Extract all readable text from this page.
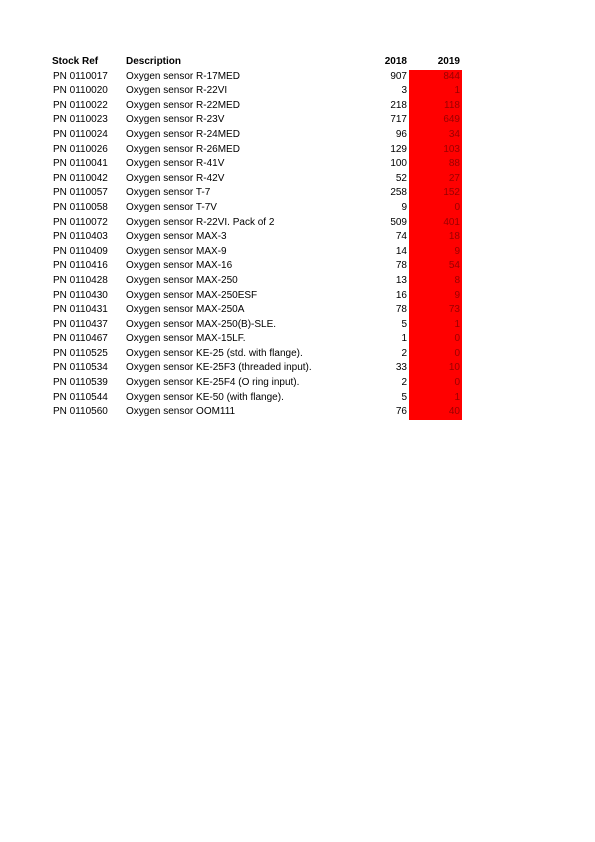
Stock Ref	Description	2018	2019
PN 0110017	Oxygen sensor R-17MED	907	844
PN 0110020	Oxygen sensor R-22VI	3	1
PN 0110022	Oxygen sensor R-22MED	218	118
PN 0110023	Oxygen sensor R-23V	717	649
PN 0110024	Oxygen sensor R-24MED	96	34
PN 0110026	Oxygen sensor R-26MED	129	103
PN 0110041	Oxygen sensor R-41V	100	88
PN 0110042	Oxygen sensor R-42V	52	27
PN 0110057	Oxygen sensor T-7	258	152
PN 0110058	Oxygen sensor T-7V	9	0
PN 0110072	Oxygen sensor R-22VI. Pack of 2	509	401
PN 0110403	Oxygen sensor MAX-3	74	18
PN 0110409	Oxygen sensor MAX-9	14	9
PN 0110416	Oxygen sensor MAX-16	78	54
PN 0110428	Oxygen sensor MAX-250	13	8
PN 0110430	Oxygen sensor MAX-250ESF	16	9
PN 0110431	Oxygen sensor MAX-250A	78	73
PN 0110437	Oxygen sensor MAX-250(B)-SLE.	5	1
PN 0110467	Oxygen sensor MAX-15LF.	1	0
PN 0110525	Oxygen sensor KE-25 (std. with flange).	2	0
PN 0110534	Oxygen sensor KE-25F3 (threaded input).	33	10
PN 0110539	Oxygen sensor KE-25F4 (O ring input).	2	0
PN 0110544	Oxygen sensor KE-50 (with flange).	5	1
PN 0110560	Oxygen sensor OOM111	76	40
